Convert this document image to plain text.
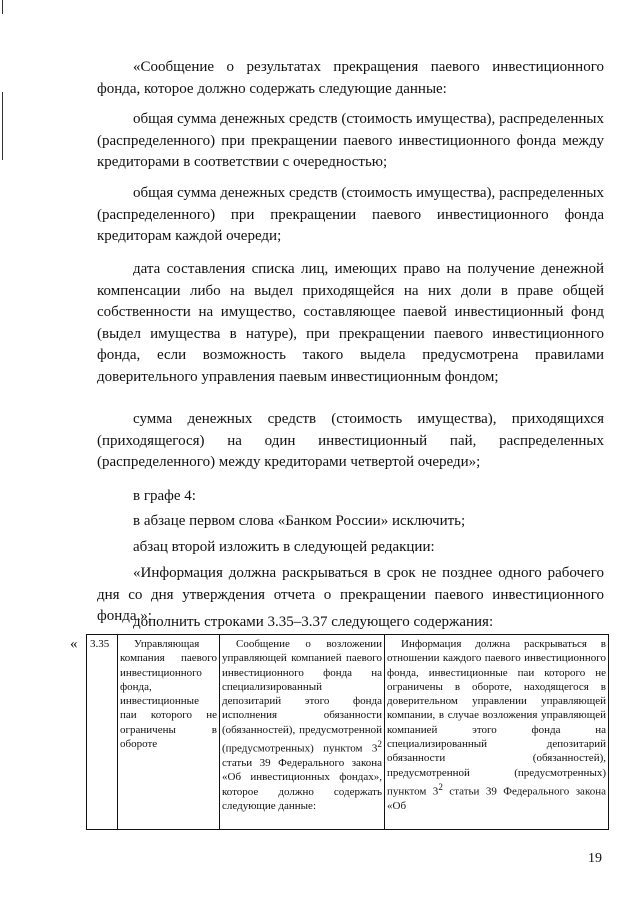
«Сообщение о результатах прекращения паевого инвестиционного фонда, которое должно содержать следующие данные:

общая сумма денежных средств (стоимость имущества), распределенных (распределенного) при прекращении паевого инвестиционного фонда между кредиторами в соответствии с очередностью;

общая сумма денежных средств (стоимость имущества), распределенных (распределенного) при прекращении паевого инвестиционного фонда кредиторам каждой очереди;

дата составления списка лиц, имеющих право на получение денежной компенсации либо на выдел приходящейся на них доли в праве общей собственности на имущество, составляющее паевой инвестиционный фонд (выдел имущества в натуре), при прекращении паевого инвестиционного фонда, если возможность такого выдела предусмотрена правилами доверительного управления паевым инвестиционным фондом;

сумма денежных средств (стоимость имущества), приходящихся (приходящегося) на один инвестиционный пай, распределенных (распределенного) между кредиторами четвертой очереди»;

в графе 4:

в абзаце первом слова «Банком России» исключить;

абзац второй изложить в следующей редакции:

«Информация должна раскрываться в срок не позднее одного рабочего дня со дня утверждения отчета о прекращении паевого инвестиционного фонда.»;

дополнить строками 3.35–3.37 следующего содержания:

« 3.35	Управляющая компания паевого инвестиционного фонда, инвестиционные паи которого не ограничены в обороте	Сообщение о возложении управляющей компанией паевого инвестиционного фонда на специализированный депозитарий этого фонда исполнения обязанности (обязанностей), предусмотренной (предусмотренных) пунктом $3^2$ статьи 39 Федерального закона «Об инвестиционных фондах», которое должно содержать следующие данные:	Информация должна раскрываться в отношении каждого паевого инвестиционного фонда, инвестиционные паи которого не ограничены в обороте, находящегося в доверительном управлении управляющей компании, в случае возложения управляющей компанией этого фонда на специализированный депозитарий обязанности (обязанностей), предусмотренной (предусмотренных) пунктом $3^2$ статьи 39 Федерального закона «Об
19
